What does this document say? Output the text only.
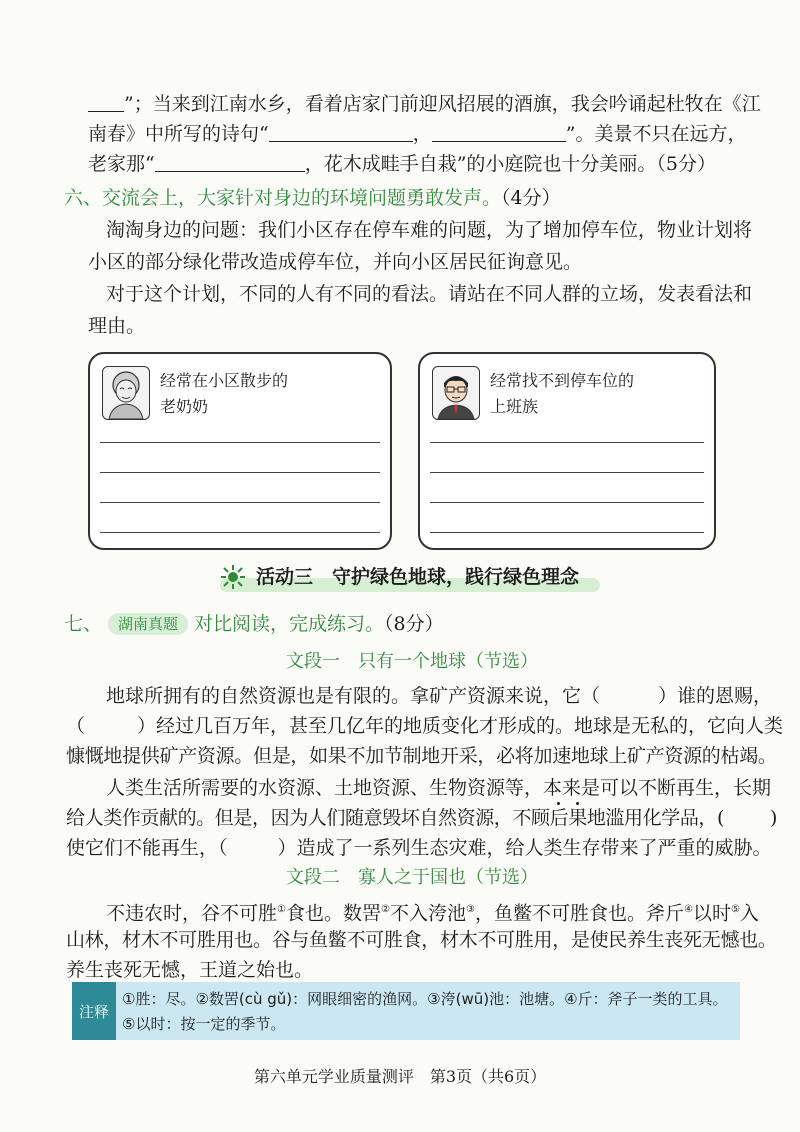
”；当来到江南水乡，看着店家门前迎风招展的酒旗，我会吟诵起杜牧在《江
南春》中所写的诗句“	，	”。美景不只在远方，
老家那“	，花木成畦手自栽”的小庭院也十分美丽。（5分）
六、交流会上，大家针对身边的环境问题勇敢发声。（4分）
淘淘身边的问题：我们小区存在停车难的问题，为了增加停车位，物业计划将
小区的部分绿化带改造成停车位，并向小区居民征询意见。
对于这个计划，不同的人有不同的看法。请站在不同人群的立场，发表看法和
理由。
经常在小区散步的
老奶奶
经常找不到停车位的
上班族
活动三　守护绿色地球，践行绿色理念
七、 湖南真题 对比阅读，完成练习。（8分）
文段一　只有一个地球（节选）
地球所拥有的自然资源也是有限的。拿矿产资源来说，它（	）谁的恩赐，
（	）经过几百万年，甚至几亿年的地质变化才形成的。地球是无私的，它向人类
慷慨地提供矿产资源。但是，如果不加节制地开采，必将加速地球上矿产资源的枯竭。
人类生活所需要的水资源、土地资源、生物资源等，本来是可以不断再生，长期
给人类作贡献的。但是，因为人们随意毁坏自然资源，不顾后果地滥用化学品，( )
使它们不能再生，（	）造成了一系列生态灾难，给人类生存带来了严重的威胁。
文段二　寡人之于国也（节选）
不违农时，谷不可胜①食也。数罟②不入洿池③，鱼鳖不可胜食也。斧斤④以时⑤入
山林，材木不可胜用也。谷与鱼鳖不可胜食，材木不可胜用，是使民养生丧死无憾也。
养生丧死无憾，王道之始也。
注释
①胜：尽。②数罟(cù gǔ)：网眼细密的渔网。③洿(wū)池：池塘。④斤：斧子一类的工具。
⑤以时：按一定的季节。
第六单元学业质量测评　第3页（共6页）
